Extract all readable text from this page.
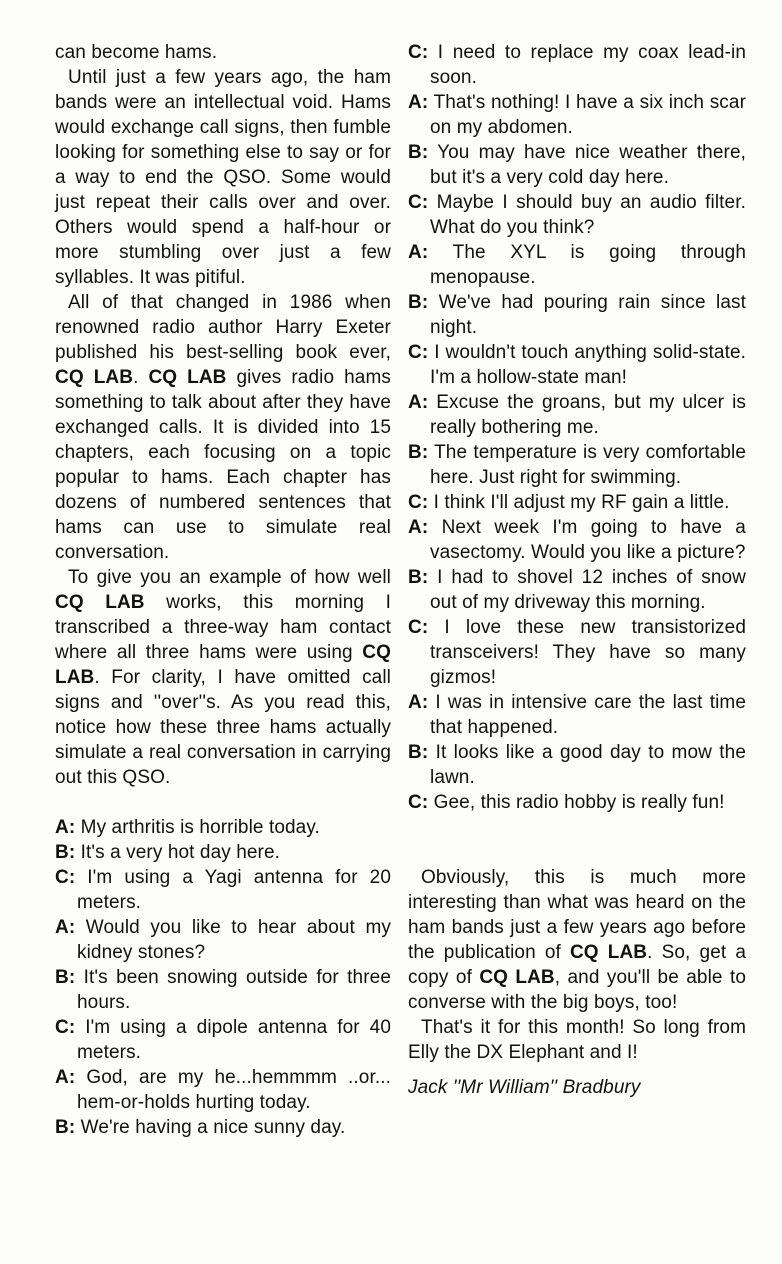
can become hams.

Until just a few years ago, the ham bands were an intellectual void. Hams would exchange call signs, then fumble looking for something else to say or for a way to end the QSO. Some would just repeat their calls over and over. Others would spend a half-hour or more stumbling over just a few syllables. It was pitiful.

All of that changed in 1986 when renowned radio author Harry Exeter published his best-selling book ever, CQ LAB. CQ LAB gives radio hams something to talk about after they have exchanged calls. It is divided into 15 chapters, each focusing on a topic popular to hams. Each chapter has dozens of numbered sentences that hams can use to simulate real conversation.

To give you an example of how well CQ LAB works, this morning I transcribed a three-way ham contact where all three hams were using CQ LAB. For clarity, I have omitted call signs and ''over''s. As you read this, notice how these three hams actually simulate a real conversation in carrying out this QSO.

A: My arthritis is horrible today.

B: It's a very hot day here.

C: I'm using a Yagi antenna for 20 meters.

A: Would you like to hear about my kidney stones?

B: It's been snowing outside for three hours.

C: I'm using a dipole antenna for 40 meters.

A: God, are my he...hemmmm ..or... hem-or-holds hurting today.

B: We're having a nice sunny day.

C: I need to replace my coax lead-in soon.

A: That's nothing! I have a six inch scar on my abdomen.

B: You may have nice weather there, but it's a very cold day here.

C: Maybe I should buy an audio filter. What do you think?

A: The XYL is going through menopause.

B: We've had pouring rain since last night.

C: I wouldn't touch anything solid-state. I'm a hollow-state man!

A: Excuse the groans, but my ulcer is really bothering me.

B: The temperature is very comfortable here. Just right for swimming.

C: I think I'll adjust my RF gain a little.

A: Next week I'm going to have a vasectomy. Would you like a picture?

B: I had to shovel 12 inches of snow out of my driveway this morning.

C: I love these new transistorized transceivers! They have so many gizmos!

A: I was in intensive care the last time that happened.

B: It looks like a good day to mow the lawn.

C: Gee, this radio hobby is really fun!

Obviously, this is much more interesting than what was heard on the ham bands just a few years ago before the publication of CQ LAB. So, get a copy of CQ LAB, and you'll be able to converse with the big boys, too!

That's it for this month! So long from Elly the DX Elephant and I!

Jack ''Mr William'' Bradbury
